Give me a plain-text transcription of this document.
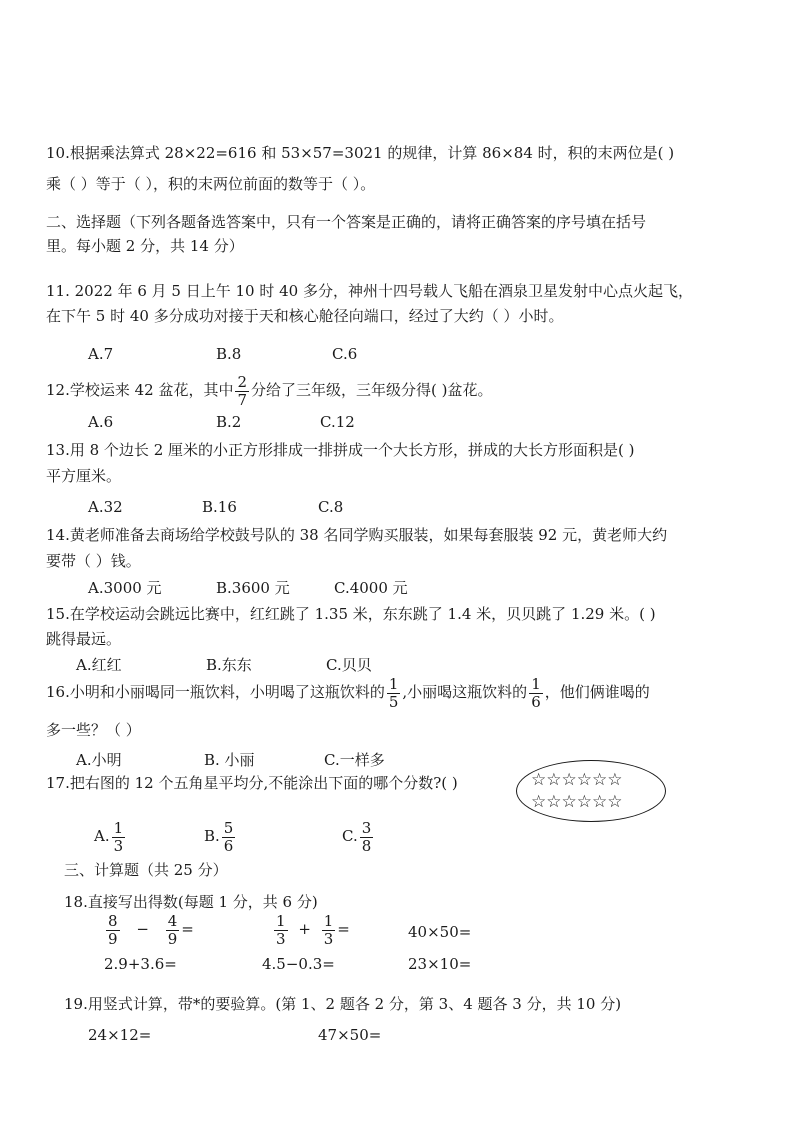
10.根据乘法算式 28×22=616 和 53×57=3021 的规律，计算 86×84 时，积的末两位是( )
乘（ ）等于（ ），积的末两位前面的数等于（ ）。
二、选择题（下列各题备选答案中，只有一个答案是正确的，请将正确答案的序号填在括号
里。每小题 2 分，共 14 分）
11. 2022 年 6 月 5 日上午 10 时 40 多分，神州十四号载人飞船在酒泉卫星发射中心点火起飞，
在下午 5 时 40 多分成功对接于天和核心舱径向端口，经过了大约（ ）小时。
A.7	B.8	C.6
12.学校运来 42 盆花，其中 $\frac{2}{7}$ 分给了三年级，三年级分得( )盆花。
A.6	B.2	C.12
13.用 8 个边长 2 厘米的小正方形排成一排拼成一个大长方形，拼成的大长方形面积是( )
平方厘米。
A.32	B.16	C.8
14.黄老师准备去商场给学校鼓号队的 38 名同学购买服装，如果每套服装 92 元，黄老师大约
要带（ ）钱。
A.3000 元	B.3600 元	C.4000 元
15.在学校运动会跳远比赛中，红红跳了 1.35 米，东东跳了 1.4 米，贝贝跳了 1.29 米。( )
跳得最远。
A.红红	B.东东	C.贝贝
16.小明和小丽喝同一瓶饮料，小明喝了这瓶饮料的 $\frac{1}{5}$ ,小丽喝这瓶饮料的 $\frac{1}{6}$ ，他们俩谁喝的
多一些？（ ）
A.小明	B. 小丽	C.一样多
17.把右图的 12 个五角星平均分,不能涂出下面的哪个分数?( )	☆☆☆☆☆☆
☆☆☆☆☆☆
A. $\frac{1}{3}$	B. $\frac{5}{6}$	C. $\frac{3}{8}$
三、计算题（共 25 分）
18.直接写出得数(每题 1 分，共 6 分)
$\frac{8}{9} - \frac{4}{9}$ =	$\frac{1}{3} + \frac{1}{3}$ =	40×50=
2.9+3.6=	4.5−0.3=	23×10=
19.用竖式计算，带*的要验算。(第 1、2 题各 2 分，第 3、4 题各 3 分，共 10 分)
24×12=	47×50=
